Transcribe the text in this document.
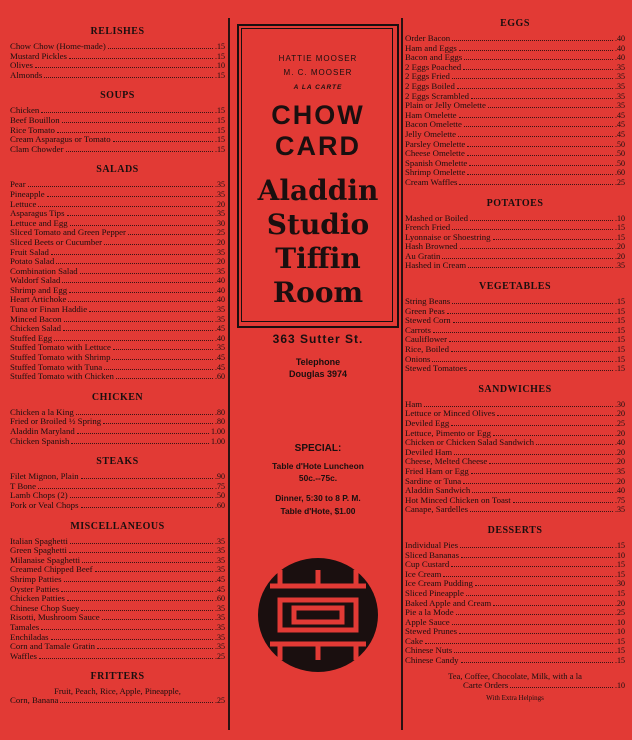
RELISHES
Chow Chow (Home-made)	.15
Mustard Pickles	.15
Olives	.10
Almonds	.15
SOUPS
Chicken	.15
Beef Bouillon	.15
Rice Tomato	.15
Cream Asparagus or Tomato	.15
Clam Chowder	.15
SALADS
Pear	.35
Pineapple	.35
Lettuce	.20
Asparagus Tips	.35
Lettuce and Egg	.30
Sliced Tomato and Green Pepper	.25
Sliced Beets or Cucumber	.20
Fruit Salad	.35
Potato Salad	.20
Combination Salad	.35
Waldorf Salad	.40
Shrimp and Egg	.40
Heart Artichoke	.40
Tuna or Finan Haddie	.35
Minced Bacon	.35
Chicken Salad	.45
Stuffed Egg	.40
Stuffed Tomato with Lettuce	.35
Stuffed Tomato with Shrimp	.45
Stuffed Tomato with Tuna	.45
Stuffed Tomato with Chicken	.60
CHICKEN
Chicken a la King	.80
Fried or Broiled ½ Spring	.80
Aladdin Maryland	1.00
Chicken Spanish	1.00
STEAKS
Filet Mignon, Plain	.90
T Bone	.75
Lamb Chops (2)	.50
Pork or Veal Chops	.60
MISCELLANEOUS
Italian Spaghetti	.35
Green Spaghetti	.35
Milanaise Spaghetti	.35
Creamed Chipped Beef	.35
Shrimp Patties	.45
Oyster Patties	.45
Chicken Patties	.60
Chinese Chop Suey	.35
Risotti, Mushroom Sauce	.35
Tamales	.35
Enchiladas	.35
Corn and Tamale Gratin	.35
Waffles	.25
FRITTERS
Fruit, Peach, Rice, Apple, Pineapple,
Corn, Banana	.25
EGGS
Order Bacon	.40
Ham and Eggs	.40
Bacon and Eggs	.40
2 Eggs Poached	.35
2 Eggs Fried	.35
2 Eggs Boiled	.35
2 Eggs Scrambled	.35
Plain or Jelly Omelette	.35
Ham Omelette	.45
Bacon Omelette	.45
Jelly Omelette	.45
Parsley Omelette	.50
Cheese Omelette	.50
Spanish Omelette	.50
Shrimp Omelette	.60
Cream Waffles	.25
POTATOES
Mashed or Boiled	.10
French Fried	.15
Lyonnaise or Shoestring	.15
Hash Browned	.20
Au Gratin	.20
Hashed in Cream	.35
VEGETABLES
String Beans	.15
Green Peas	.15
Stewed Corn	.15
Carrots	.15
Cauliflower	.15
Rice, Boiled	.15
Onions	.15
Stewed Tomatoes	.15
SANDWICHES
Ham	.30
Lettuce or Minced Olives	.20
Deviled Egg	.25
Lettuce, Pimento or Egg	.20
Chicken or Chicken Salad Sandwich	.40
Deviled Ham	.20
Cheese, Melted Cheese	.20
Fried Ham or Egg	.35
Sardine or Tuna	.20
Aladdin Sandwich	.40
Hot Minced Chicken on Toast	.75
Canape, Sardelles	.35
DESSERTS
Individual Pies	.15
Sliced Bananas	.10
Cup Custard	.15
Ice Cream	.15
Ice Cream Pudding	.30
Sliced Pineapple	.15
Baked Apple and Cream	.20
Pie a la Mode	.25
Apple Sauce	.10
Stewed Prunes	.10
Cake	.15
Chinese Nuts	.15
Chinese Candy	.15
Tea, Coffee, Chocolate, Milk, with a la
Carte Orders	.10
With Extra Helpings
HATTIE MOOSER
M. C. MOOSER
A LA CARTE
CHOW
CARD
Aladdin
Studio
Tiffin
Room
363 Sutter St.
Telephone
Douglas 3974
SPECIAL:
Table d'Hote Luncheon
50c.--75c.
Dinner, 5:30 to 8 P. M.
Table d'Hote, $1.00
